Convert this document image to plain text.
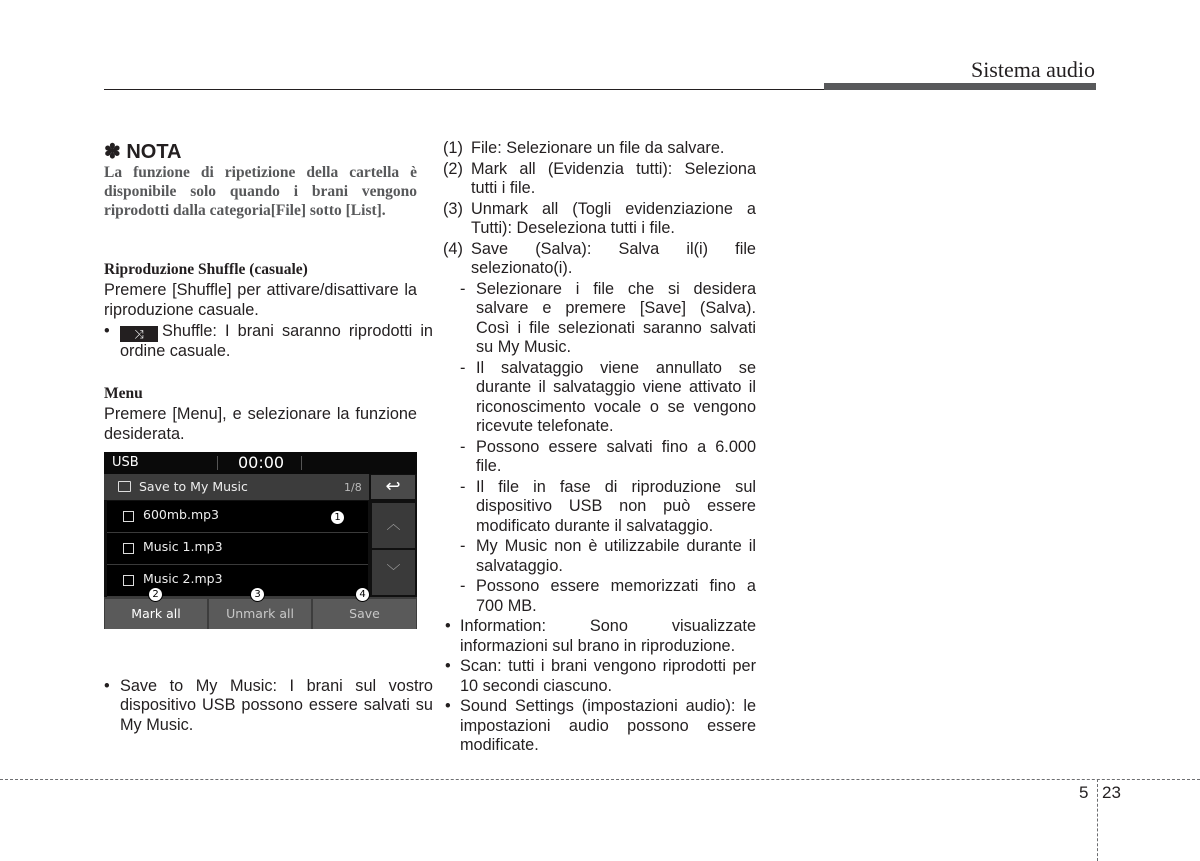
Sistema audio
✽ NOTA
La funzione di ripetizione della cartella è disponibile solo quando i brani vengono riprodotti dalla categoria[File] sotto [List].
Riproduzione Shuffle (casuale)
Premere [Shuffle] per attivare/disattivare la riproduzione casuale.
• ⤨ Shuffle: I brani saranno riprodotti in ordine casuale.
Menu
Premere [Menu], e selezionare la funzione desiderata.
USB	00:00
Save to My Music	1/8	↩
600mb.mp3
Music 1.mp3
Music 2.mp3
︿
﹀
Mark all	Unmark all	Save
1
2	3	4
• Save to My Music: I brani sul vostro dispositivo USB possono essere salvati su My Music.
(1) File: Selezionare un file da salvare.
(2) Mark all (Evidenzia tutti): Seleziona tutti i file.
(3) Unmark all (Togli evidenziazione a Tutti): Deseleziona tutti i file.
(4) Save (Salva): Salva il(i) file selezionato(i).
- Selezionare i file che si desidera salvare e premere [Save] (Salva). Così i file selezionati saranno salvati su My Music.
- Il salvataggio viene annullato se durante il salvataggio viene attivato il riconoscimento vocale o se vengono ricevute telefonate.
- Possono essere salvati fino a 6.000 file.
- Il file in fase di riproduzione sul dispositivo USB non può essere modificato durante il salvataggio.
- My Music non è utilizzabile durante il salvataggio.
- Possono essere memorizzati fino a 700 MB.
• Information: Sono visualizzate informazioni sul brano in riproduzione.
• Scan: tutti i brani vengono riprodotti per 10 secondi ciascuno.
• Sound Settings (impostazioni audio): le impostazioni audio possono essere modificate.
5 23
